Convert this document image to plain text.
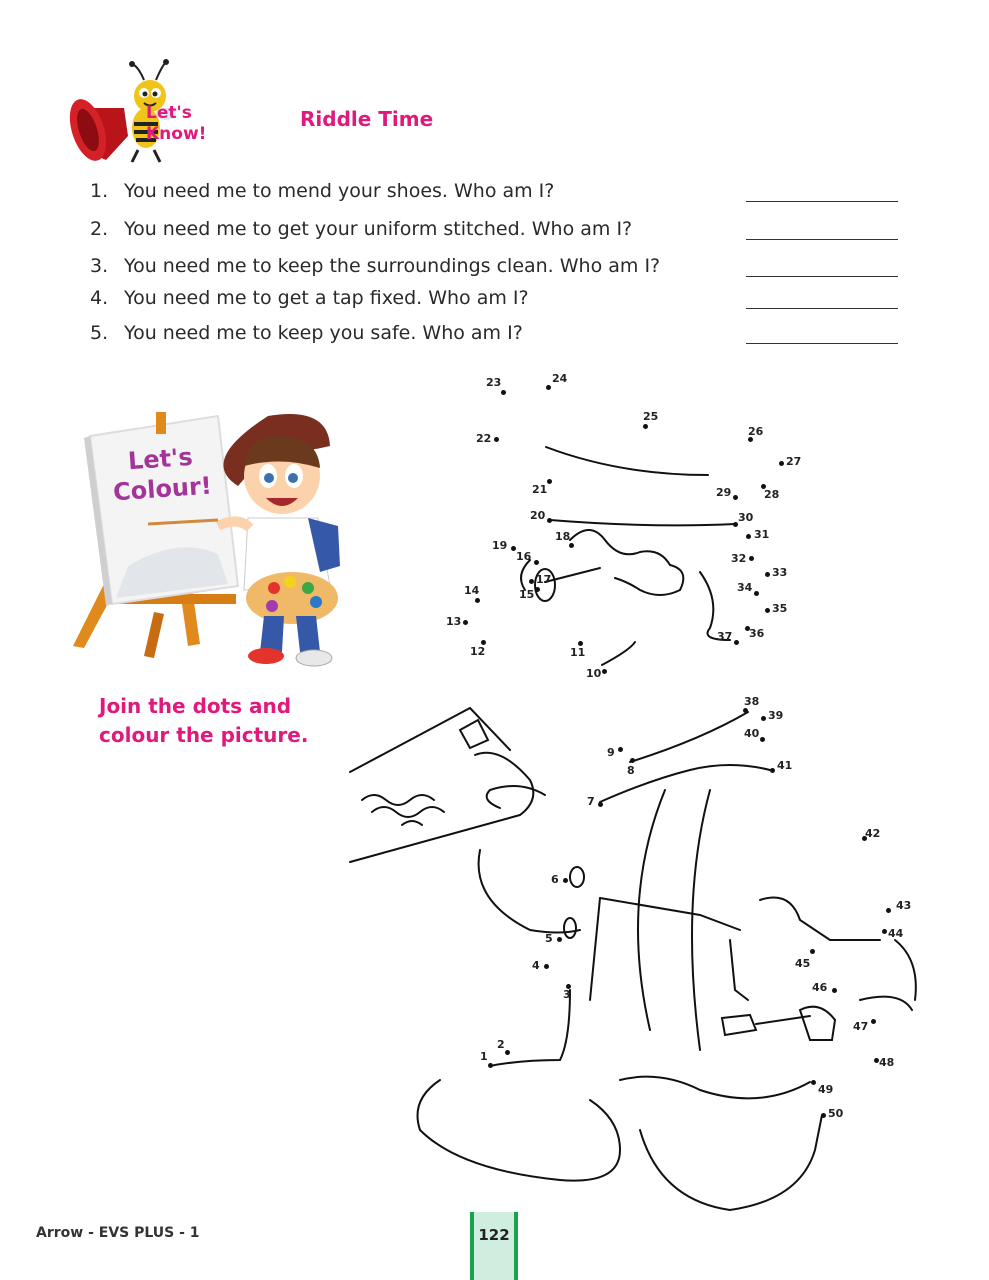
Let's
Know!
Riddle Time
1. You need me to mend your shoes. Who am I?
2. You need me to get your uniform stitched. Who am I?
3. You need me to keep the surroundings clean. Who am I?
4. You need me to get a tap fixed. Who am I?
5. You need me to keep you safe. Who am I?
Let's
Colour!
Join the dots and
colour the picture.
1
2
3
4
5
6
7
8
9
10
11
12
13
14	15
16
17
18
19
20
21
22
23	24
25
26
27
28
29
30
31
32
33
34
35
36
37
38
39
40
41
42
43
44
45
46
47
48
49
50
Arrow - EVS PLUS - 1	122
